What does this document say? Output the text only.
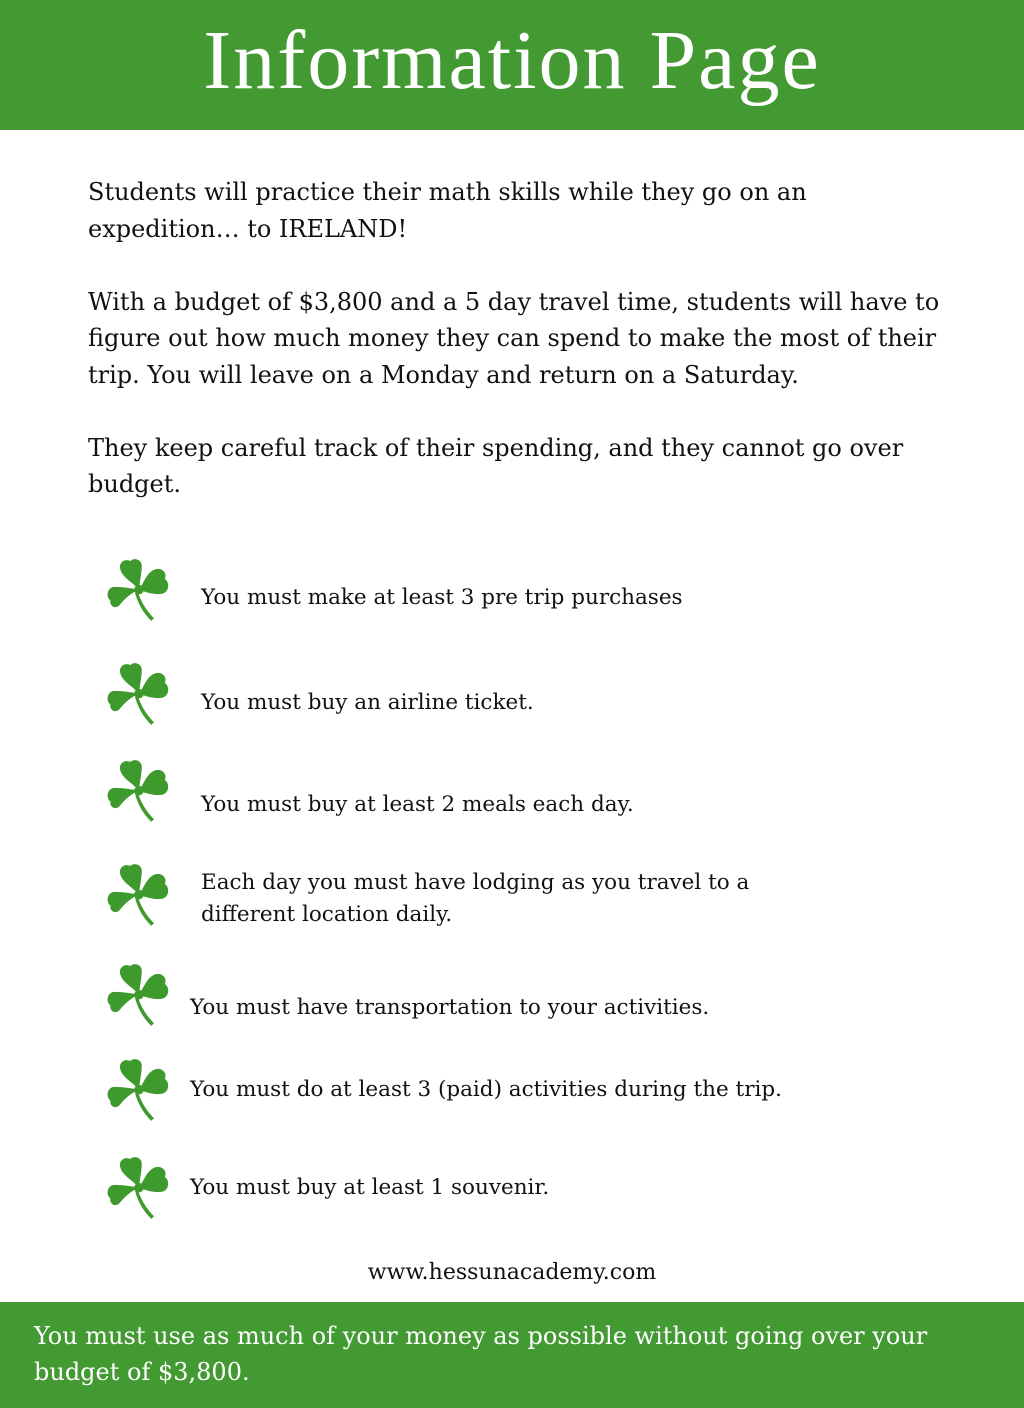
Information Page

Students will practice their math skills while they go on an expedition… to IRELAND!

With a budget of $3,800 and a 5 day travel time, students will have to figure out how much money they can spend to make the most of their trip. You will leave on a Monday and return on a Saturday.

They keep careful track of their spending, and they cannot go over budget.

You must make at least 3 pre trip purchases
You must buy an airline ticket.
You must buy at least 2 meals each day.
Each day you must have lodging as you travel to a
different location daily.
You must have transportation to your activities.
You must do at least 3 (paid) activities during the trip.
You must buy at least 1 souvenir.
www.hessunacademy.com
You must use as much of your money as possible without going over your budget of $3,800.
